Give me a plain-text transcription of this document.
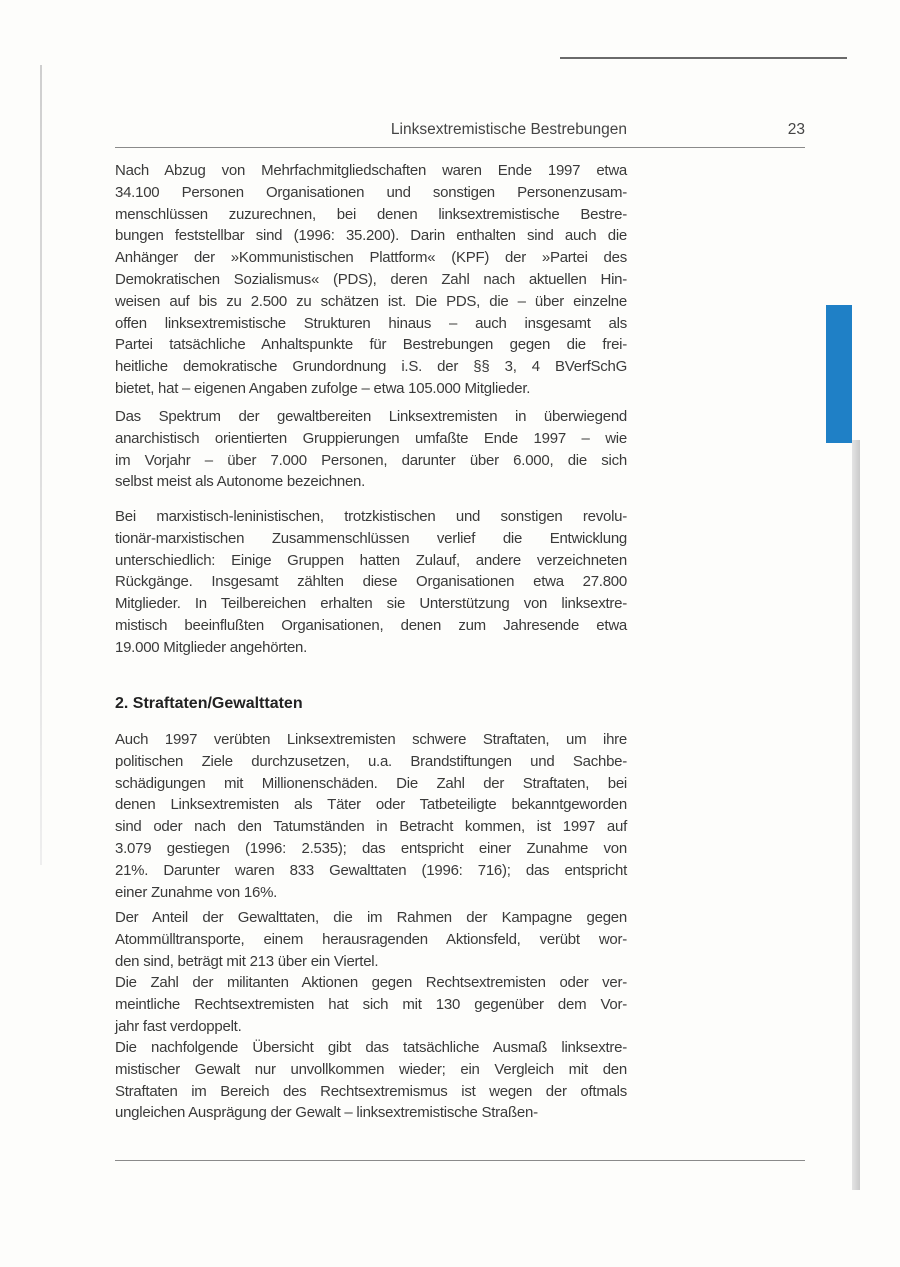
Linksextremistische Bestrebungen	23
Nach Abzug von Mehrfachmitgliedschaften waren Ende 1997 etwa
34.100 Personen Organisationen und sonstigen Personenzusam-
menschlüssen zuzurechnen, bei denen linksextremistische Bestre-
bungen feststellbar sind (1996: 35.200). Darin enthalten sind auch die
Anhänger der »Kommunistischen Plattform« (KPF) der »Partei des
Demokratischen Sozialismus« (PDS), deren Zahl nach aktuellen Hin-
weisen auf bis zu 2.500 zu schätzen ist. Die PDS, die – über einzelne
offen linksextremistische Strukturen hinaus – auch insgesamt als
Partei tatsächliche Anhaltspunkte für Bestrebungen gegen die frei-
heitliche demokratische Grundordnung i.S. der §§ 3, 4 BVerfSchG
bietet, hat – eigenen Angaben zufolge – etwa 105.000 Mitglieder.
Das Spektrum der gewaltbereiten Linksextremisten in überwiegend
anarchistisch orientierten Gruppierungen umfaßte Ende 1997 – wie
im Vorjahr – über 7.000 Personen, darunter über 6.000, die sich
selbst meist als Autonome bezeichnen.
Bei marxistisch-leninistischen, trotzkistischen und sonstigen revolu-
tionär-marxistischen Zusammenschlüssen verlief die Entwicklung
unterschiedlich: Einige Gruppen hatten Zulauf, andere verzeichneten
Rückgänge. Insgesamt zählten diese Organisationen etwa 27.800
Mitglieder. In Teilbereichen erhalten sie Unterstützung von linksextre-
mistisch beeinflußten Organisationen, denen zum Jahresende etwa
19.000 Mitglieder angehörten.
2. Straftaten/Gewalttaten
Auch 1997 verübten Linksextremisten schwere Straftaten, um ihre
politischen Ziele durchzusetzen, u.a. Brandstiftungen und Sachbe-
schädigungen mit Millionenschäden. Die Zahl der Straftaten, bei
denen Linksextremisten als Täter oder Tatbeteiligte bekanntgeworden
sind oder nach den Tatumständen in Betracht kommen, ist 1997 auf
3.079 gestiegen (1996: 2.535); das entspricht einer Zunahme von
21%. Darunter waren 833 Gewalttaten (1996: 716); das entspricht
einer Zunahme von 16%.
Der Anteil der Gewalttaten, die im Rahmen der Kampagne gegen
Atommülltransporte, einem herausragenden Aktionsfeld, verübt wor-
den sind, beträgt mit 213 über ein Viertel.
Die Zahl der militanten Aktionen gegen Rechtsextremisten oder ver-
meintliche Rechtsextremisten hat sich mit 130 gegenüber dem Vor-
jahr fast verdoppelt.
Die nachfolgende Übersicht gibt das tatsächliche Ausmaß linksextre-
mistischer Gewalt nur unvollkommen wieder; ein Vergleich mit den
Straftaten im Bereich des Rechtsextremismus ist wegen der oftmals
ungleichen Ausprägung der Gewalt – linksextremistische Straßen-
